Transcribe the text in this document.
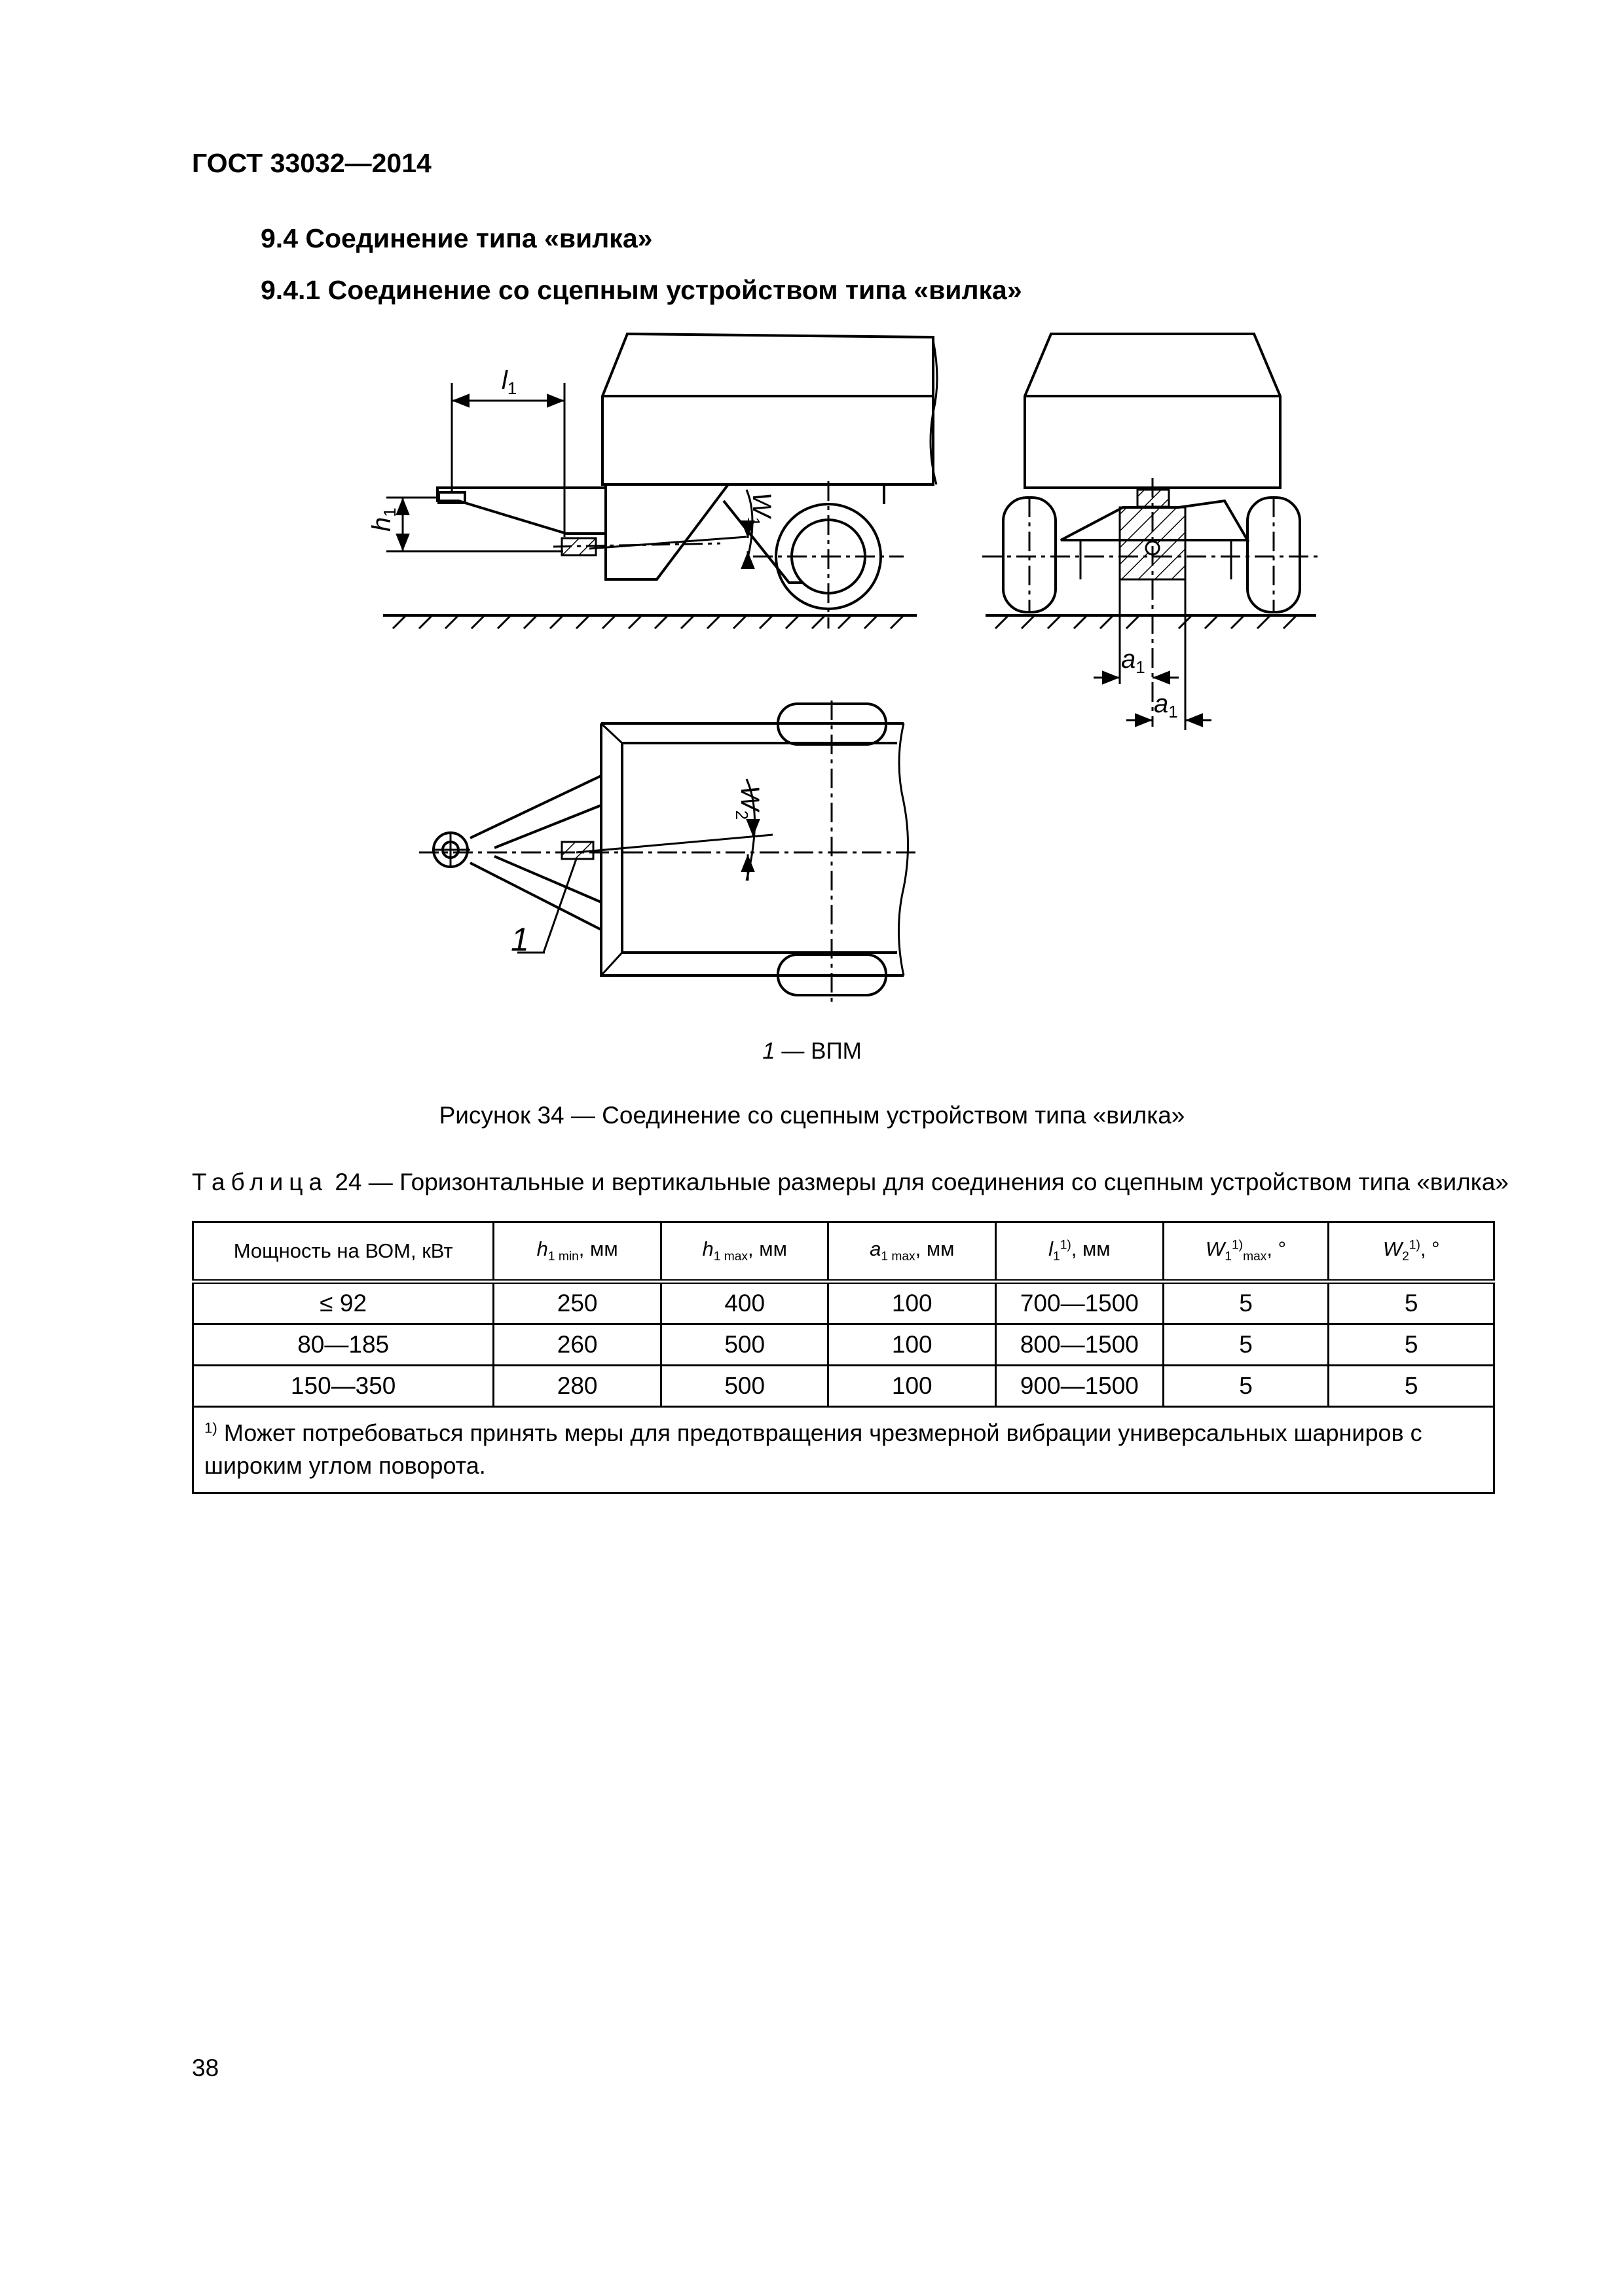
ГОСТ 33032—2014
9.4 Соединение типа «вилка»
9.4.1 Соединение со сцепным устройством типа «вилка»
$l_1$
$h_1$	$W_1$
$a_1$
$a_1$
$W_2$
1
1 — ВПМ
Рисунок 34 — Соединение со сцепным устройством типа «вилка»
Таблица 24 — Горизонтальные и вертикальные размеры для соединения со сцепным устройством типа «вилка»
Мощность на ВОМ, кВт	$h_{1 min}$, мм	$h_{1 max}$, мм	$a_{1 max}$, мм	$l_1^{1)}$, мм	$W_1^{1)}_{max}$, °	$W_2^{1)}$, °
≤ 92	250	400	100	700—1500	5	5
80—185	260	500	100	800—1500	5	5
150—350	280	500	100	900—1500	5	5
$^{1)}$ Может потребоваться принять меры для предотвращения чрезмерной вибрации универсальных шарниров с широким углом поворота.						
38
